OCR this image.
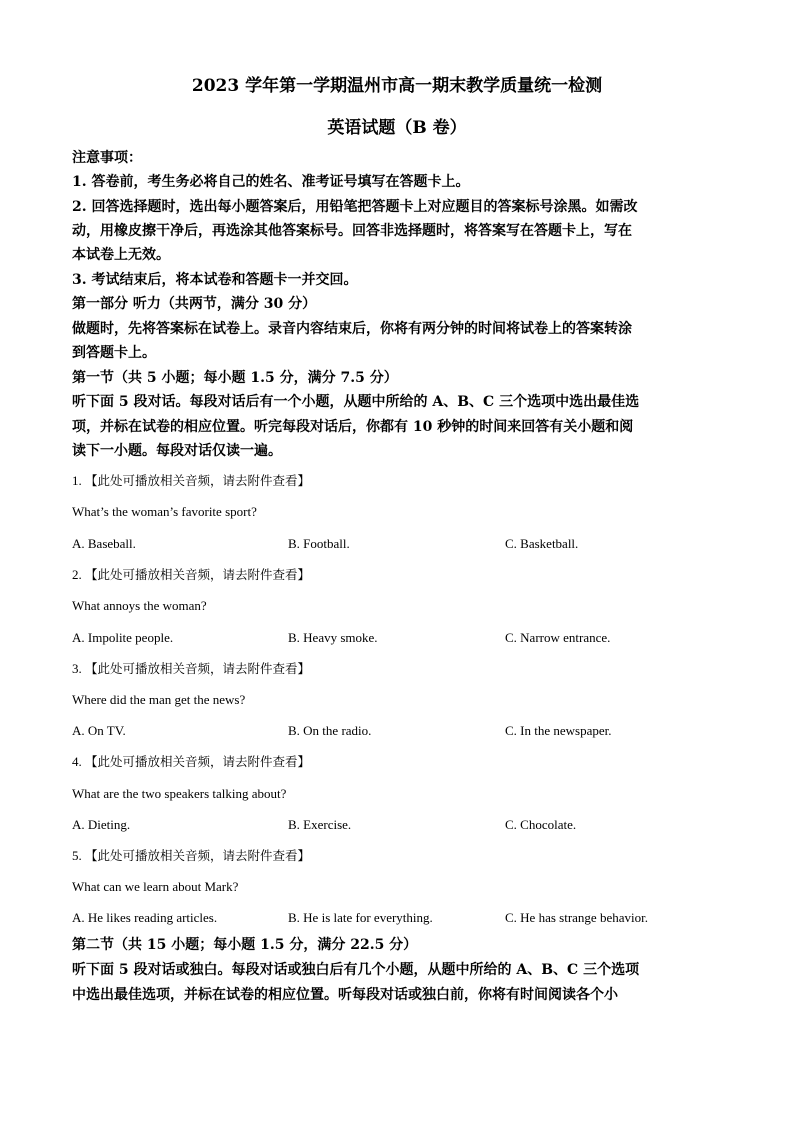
2023 学年第一学期温州市高一期末教学质量统一检测
英语试题（B 卷）
注意事项：
1. 答卷前，考生务必将自己的姓名、准考证号填写在答题卡上。
2. 回答选择题时，选出每小题答案后，用铅笔把答题卡上对应题目的答案标号涂黑。如需改
动，用橡皮擦干净后，再选涂其他答案标号。回答非选择题时，将答案写在答题卡上，写在
本试卷上无效。
3. 考试结束后，将本试卷和答题卡一并交回。
第一部分 听力（共两节，满分 30 分）
做题时，先将答案标在试卷上。录音内容结束后，你将有两分钟的时间将试卷上的答案转涂
到答题卡上。
第一节（共 5 小题；每小题 1.5 分，满分 7.5 分）
听下面 5 段对话。每段对话后有一个小题，从题中所给的 A、B、C 三个选项中选出最佳选
项，并标在试卷的相应位置。听完每段对话后，你都有 10 秒钟的时间来回答有关小题和阅
读下一小题。每段对话仅读一遍。
1. 【此处可播放相关音频，请去附件查看】
What’s the woman’s favorite sport?
A. Baseball.	B. Football.	C. Basketball.
2. 【此处可播放相关音频，请去附件查看】
What annoys the woman?
A. Impolite people.	B. Heavy smoke.	C. Narrow entrance.
3. 【此处可播放相关音频，请去附件查看】
Where did the man get the news?
A. On TV.	B. On the radio.	C. In the newspaper.
4. 【此处可播放相关音频，请去附件查看】
What are the two speakers talking about?
A. Dieting.	B. Exercise.	C. Chocolate.
5. 【此处可播放相关音频，请去附件查看】
What can we learn about Mark?
A. He likes reading articles.	B. He is late for everything.	C. He has strange behavior.
第二节（共 15 小题；每小题 1.5 分，满分 22.5 分）
听下面 5 段对话或独白。每段对话或独白后有几个小题，从题中所给的 A、B、C 三个选项
中选出最佳选项，并标在试卷的相应位置。听每段对话或独白前，你将有时间阅读各个小
